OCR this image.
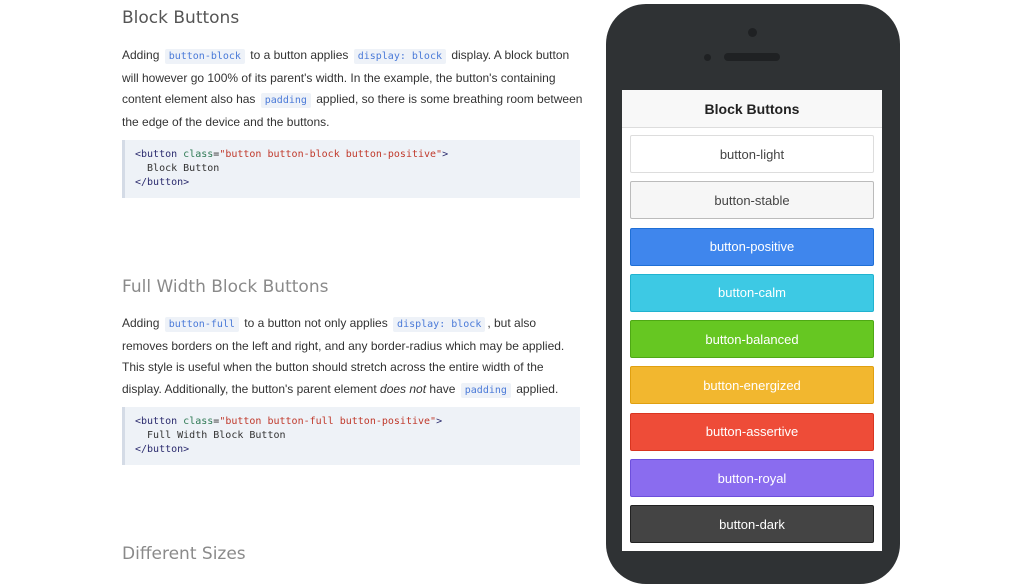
Block Buttons

Adding button-block to a button applies display: block display. A block button will however go 100% of its parent's width. In the example, the button's containing content element also has padding applied, so there is some breathing room between the edge of the device and the buttons.

<button class="button button-block button-positive">
Block Button
</button>
Full Width Block Buttons

Adding button-full to a button not only applies display: block , but also removes borders on the left and right, and any border-radius which may be applied. This style is useful when the button should stretch across the entire width of the display. Additionally, the button's parent element does not have padding applied.

<button class="button button-full button-positive">
Full Width Block Button
</button>
Different Sizes
Block Buttons
button-light
button-stable
button-positive
button-calm
button-balanced
button-energized
button-assertive
button-royal
button-dark
